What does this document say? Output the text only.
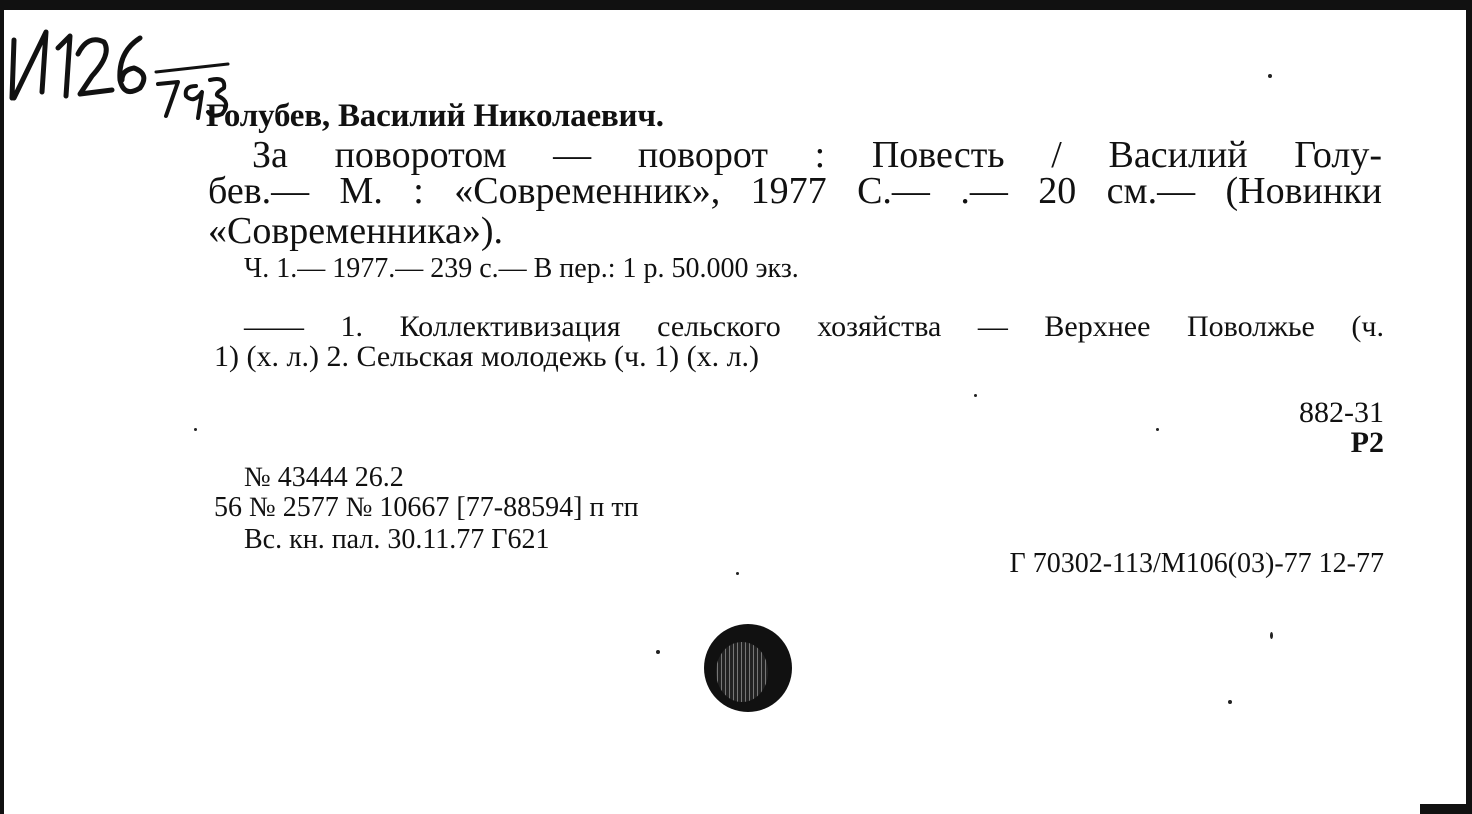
Голубев, Василий Николаевич.
За поворотом — поворот : Повесть / Василий Голу-
бев.— М. : «Современник», 1977 С.— .— 20 см.— (Новинки
«Современника»).
Ч. 1.— 1977.— 239 с.— В пер.: 1 р. 50.000 экз.
—— 1. Коллективизация сельского хозяйства — Верхнее Поволжье (ч.
1) (х. л.) 2. Сельская молодежь (ч. 1) (х. л.)
882-31
Р2
№ 43444 26.2
56 № 2577 № 10667 [77-88594] п тп
Вс. кн. пал. 30.11.77 Г621
Г 70302-113/М106(03)-77 12-77
